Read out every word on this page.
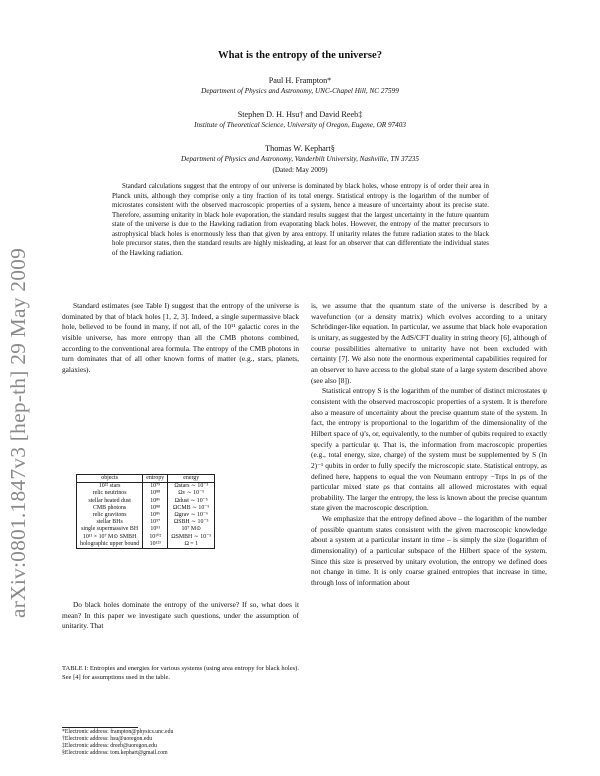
arXiv:0801.1847v3 [hep-th] 29 May 2009
What is the entropy of the universe?
Paul H. Frampton*
Department of Physics and Astronomy, UNC-Chapel Hill, NC 27599
Stephen D. H. Hsu† and David Reeb‡
Institute of Theoretical Science, University of Oregon, Eugene, OR 97403
Thomas W. Kephart§
Department of Physics and Astronomy, Vanderbilt University, Nashville, TN 37235
(Dated: May 2009)
Standard calculations suggest that the entropy of our universe is dominated by black holes, whose entropy is of order their area in Planck units, although they comprise only a tiny fraction of its total energy. Statistical entropy is the logarithm of the number of microstates consistent with the observed macroscopic properties of a system, hence a measure of uncertainty about its precise state. Therefore, assuming unitarity in black hole evaporation, the standard results suggest that the largest uncertainty in the future quantum state of the universe is due to the Hawking radiation from evaporating black holes. However, the entropy of the matter precursors to astrophysical black holes is enormously less than that given by area entropy. If unitarity relates the future radiation states to the black hole precursor states, then the standard results are highly misleading, at least for an observer that can differentiate the individual states of the Hawking radiation.

Standard estimates (see Table I) suggest that the entropy of the universe is dominated by that of black holes [1, 2, 3]. Indeed, a single supermassive black hole, believed to be found in many, if not all, of the 10¹¹ galactic cores in the visible universe, has more entropy than all the CMB photons combined, according to the conventional area formula. The entropy of the CMB photons in turn dominates that of all other known forms of matter (e.g., stars, planets, galaxies).

objects	entropy	energy
10²² stars	10⁷⁹	Ωstars ∼ 10⁻³
relic neutrinos	10⁸⁸	Ων ∼ 10⁻⁵
stellar heated dust	10⁸⁶	Ωdust ∼ 10⁻⁵
CMB photons	10⁸⁸	ΩCMB ∼ 10⁻⁵
relic gravitons	10⁸⁶	Ωgrav ∼ 10⁻⁶
stellar BHs	10⁹⁷	ΩSBH ∼ 10⁻⁵
single supermassive BH	10⁹¹	10⁷ M⊙
10¹¹ × 10⁷ M⊙ SMBH	10¹⁰²	ΩSMBH ∼ 10⁻⁵
holographic upper bound	10¹²³	Ω = 1
TABLE I: Entropies and energies for various systems (using area entropy for black holes). See [4] for assumptions used in the table.

Do black holes dominate the entropy of the universe? If so, what does it mean? In this paper we investigate such questions, under the assumption of unitarity. That

*Electronic address: frampton@physics.unc.edu
†Electronic address: hsu@uoregon.edu
‡Electronic address: dreeb@uoregon.edu
§Electronic address: tom.kephart@gmail.com

is, we assume that the quantum state of the universe is described by a wavefunction (or a density matrix) which evolves according to a unitary Schrödinger-like equation. In particular, we assume that black hole evaporation is unitary, as suggested by the AdS/CFT duality in string theory [6], although of course possibilities alternative to unitarity have not been excluded with certainty [7]. We also note the enormous experimental capabilities required for an observer to have access to the global state of a large system described above (see also [8]).

Statistical entropy S is the logarithm of the number of distinct microstates ψ consistent with the observed macroscopic properties of a system. It is therefore also a measure of uncertainty about the precise quantum state of the system. In fact, the entropy is proportional to the logarithm of the dimensionality of the Hilbert space of ψ's, or, equivalently, to the number of qubits required to exactly specify a particular ψ. That is, the information from macroscopic properties (e.g., total energy, size, charge) of the system must be supplemented by S (ln 2)⁻¹ qubits in order to fully specify the microscopic state. Statistical entropy, as defined here, happens to equal the von Neumann entropy −Trρs ln ρs of the particular mixed state ρs that contains all allowed microstates with equal probability. The larger the entropy, the less is known about the precise quantum state given the macroscopic description.

We emphasize that the entropy defined above – the logarithm of the number of possible quantum states consistent with the given macroscopic knowledge about a system at a particular instant in time – is simply the size (logarithm of dimensionality) of a particular subspace of the Hilbert space of the system. Since this size is preserved by unitary evolution, the entropy we defined does not change in time. It is only coarse grained entropies that increase in time, through loss of information about
